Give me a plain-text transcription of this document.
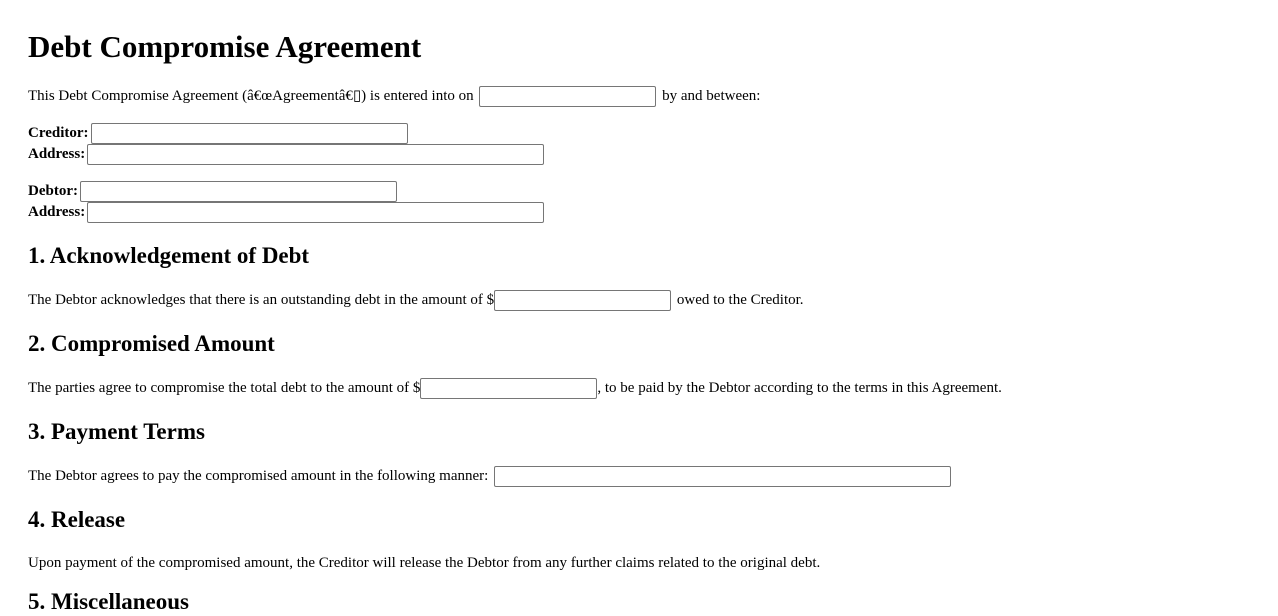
Debt Compromise Agreement
This Debt Compromise Agreement (â€œAgreementâ€▯) is entered into on	by and between:
Creditor:
Address:
Debtor:
Address:
1. Acknowledgement of Debt
The Debtor acknowledges that there is an outstanding debt in the amount of $	owed to the Creditor.
2. Compromised Amount
The parties agree to compromise the total debt to the amount of $	, to be paid by the Debtor according to the terms in this Agreement.
3. Payment Terms
The Debtor agrees to pay the compromised amount in the following manner:
4. Release
Upon payment of the compromised amount, the Creditor will release the Debtor from any further claims related to the original debt.
5. Miscellaneous
